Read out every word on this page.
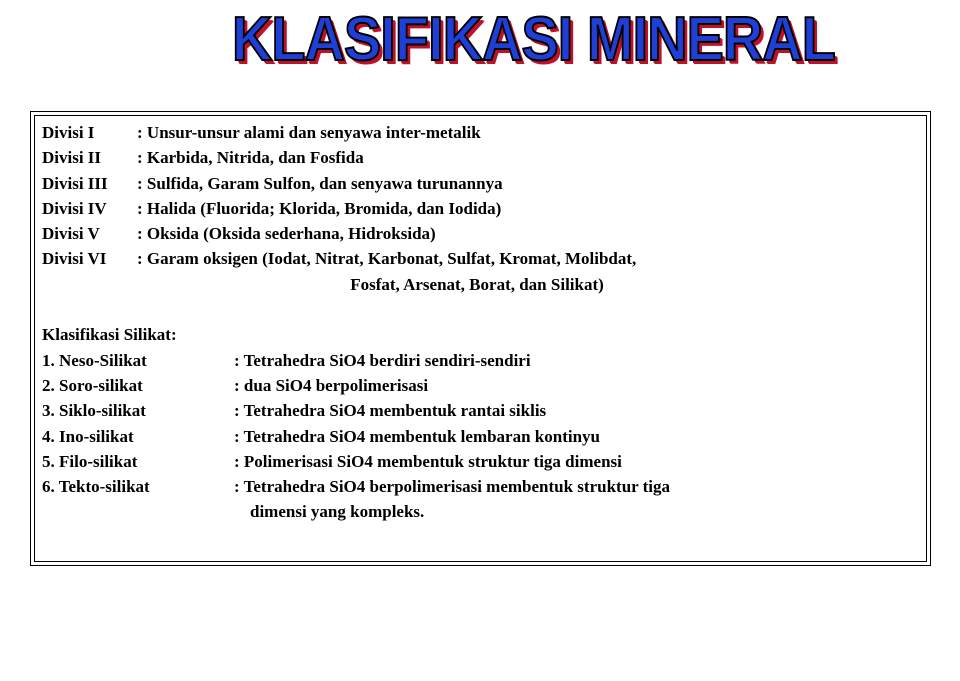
KLASIFIKASI MINERAL
Divisi I	: Unsur-unsur alami dan senyawa inter-metalik
Divisi II	: Karbida, Nitrida, dan Fosfida
Divisi III	: Sulfida, Garam Sulfon, dan senyawa turunannya
Divisi IV	: Halida (Fluorida; Klorida, Bromida, dan Iodida)
Divisi V	: Oksida (Oksida sederhana, Hidroksida)
Divisi VI	: Garam oksigen (Iodat, Nitrat, Karbonat, Sulfat, Kromat, Molibdat,
Fosfat, Arsenat, Borat, dan Silikat)
Klasifikasi Silikat:
1. Neso-Silikat	: Tetrahedra SiO4 berdiri sendiri-sendiri
2. Soro-silikat	: dua SiO4 berpolimerisasi
3. Siklo-silikat	: Tetrahedra SiO4 membentuk rantai siklis
4. Ino-silikat	: Tetrahedra SiO4 membentuk lembaran kontinyu
5. Filo-silikat	: Polimerisasi SiO4 membentuk struktur tiga dimensi
6. Tekto-silikat	: Tetrahedra SiO4 berpolimerisasi membentuk struktur tiga
dimensi yang kompleks.
